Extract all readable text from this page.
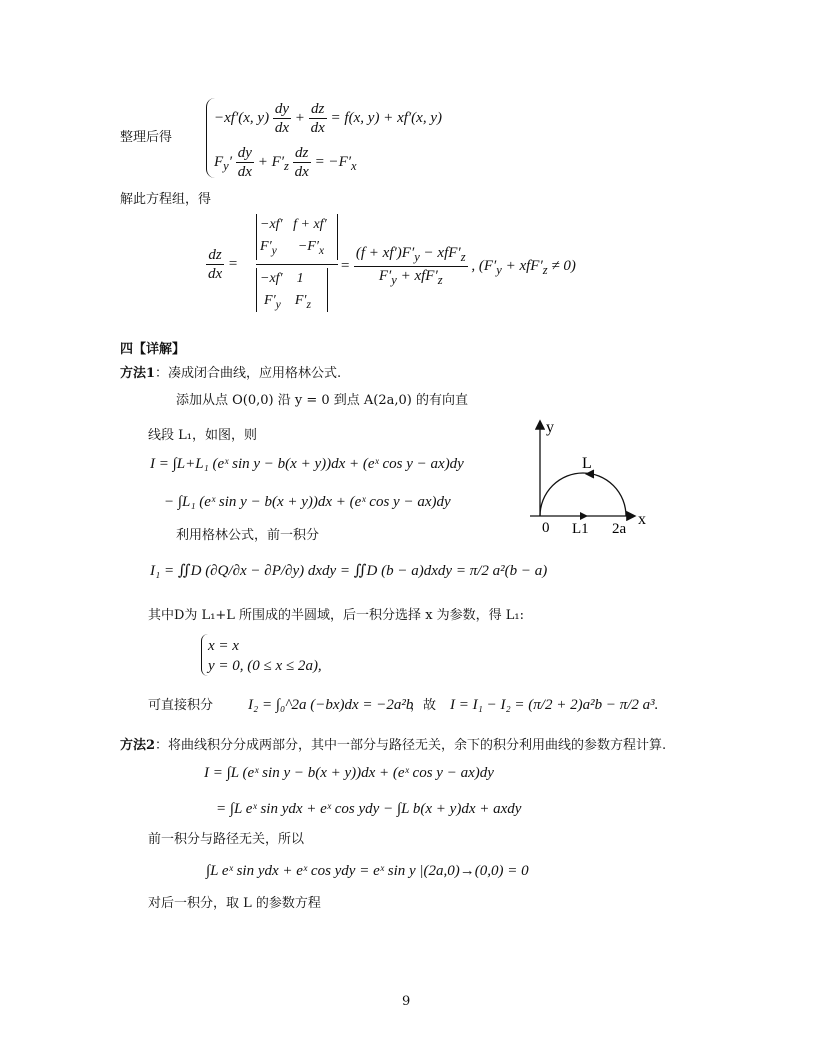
整理后得
−xf′(x, $y) \frac{dy}{dx} + \frac{dz}{dx} = f(x$, y) + xf′(x, y)
$F_y' \frac{dy}{dx} + F'_z \frac{dz}{dx} = -F'_x$
解此方程组，得
$\frac{dz}{dx}$ =
−xf′ f + xf′
$F'_y$      $-F'_x$
−xf′    1
$F'_y$ $F'_z$
= $\frac{(f + xf')F'_y - xfF'_z}{F'_y + xfF'_z}$ , $(F'_y + xfF'_z \ne 0)$
四【详解】
方法1：凑成闭合曲线，应用格林公式.
添加从点 O(0,0) 沿 y = 0 到点 A(2a,0) 的有向直
线段 L₁，如图，则
I = ∫L+L₁ (eˣ sin y − b(x + y))dx + (eˣ cos y − ax)dy
− ∫L₁ (eˣ sin y − b(x + y))dx + (eˣ cos y − ax)dy
利用格林公式，前一积分
I₁ = ∬D (∂Q/∂x − ∂P/∂y) dxdy = ∬D (b − a)dxdy = π/2 a²(b − a)
其中D为 L₁+L 所围成的半圆域，后一积分选择 x 为参数，得 L₁:
x = x
y = 0, (0 ≤ x ≤ 2a),
可直接积分 I₂ = ∫₀^2a (−bx)dx = −2a²b
，故 I = I₁ − I₂ = (π/2 + 2)a²b − π/2 a³.
y
x
L
0 L1 2a
方法2：将曲线积分分成两部分，其中一部分与路径无关，余下的积分利用曲线的参数方程计算.
I = ∫L (eˣ sin y − b(x + y))dx + (eˣ cos y − ax)dy
= ∫L eˣ sin ydx + eˣ cos ydy − ∫L b(x + y)dx + axdy
前一积分与路径无关，所以
∫L eˣ sin ydx + eˣ cos ydy = eˣ sin y |(2a,0)→(0,0) = 0
对后一积分，取 L 的参数方程
9
